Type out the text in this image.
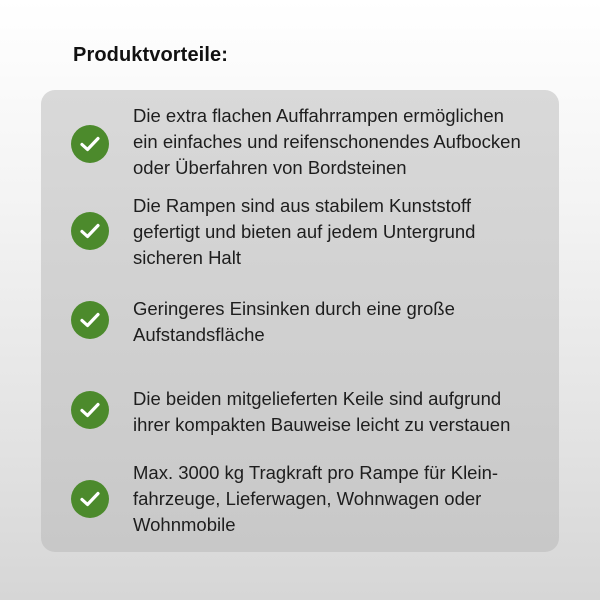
Produktvorteile:
Die extra flachen Auffahrrampen ermöglichen
ein einfaches und reifenschonendes Aufbocken
oder Überfahren von Bordsteinen
Die Rampen sind aus stabilem Kunststoff
gefertigt und bieten auf jedem Untergrund
sicheren Halt
Geringeres Einsinken durch eine große
Aufstandsfläche
Die beiden mitgelieferten Keile sind aufgrund
ihrer kompakten Bauweise leicht zu verstauen
Max. 3000 kg Tragkraft pro Rampe für Klein-
fahrzeuge, Lieferwagen, Wohnwagen oder
Wohnmobile
